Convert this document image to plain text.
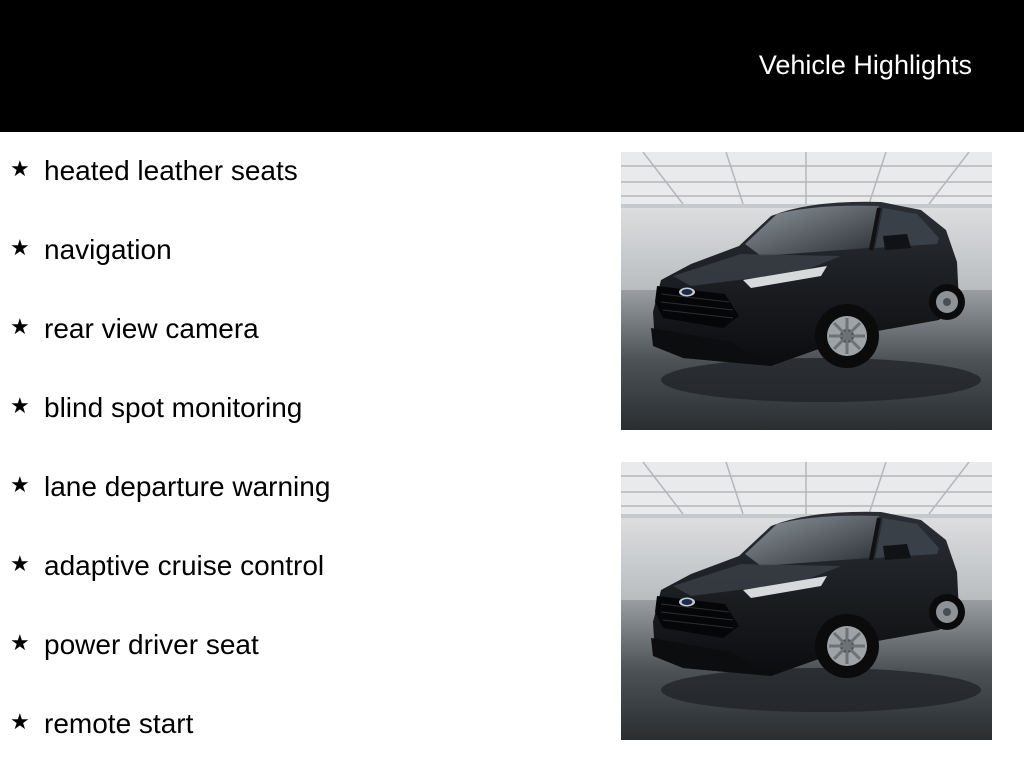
Vehicle Highlights
★ heated leather seats
★ navigation
★ rear view camera
★ blind spot monitoring
★ lane departure warning
★ adaptive cruise control
★ power driver seat
★ remote start
